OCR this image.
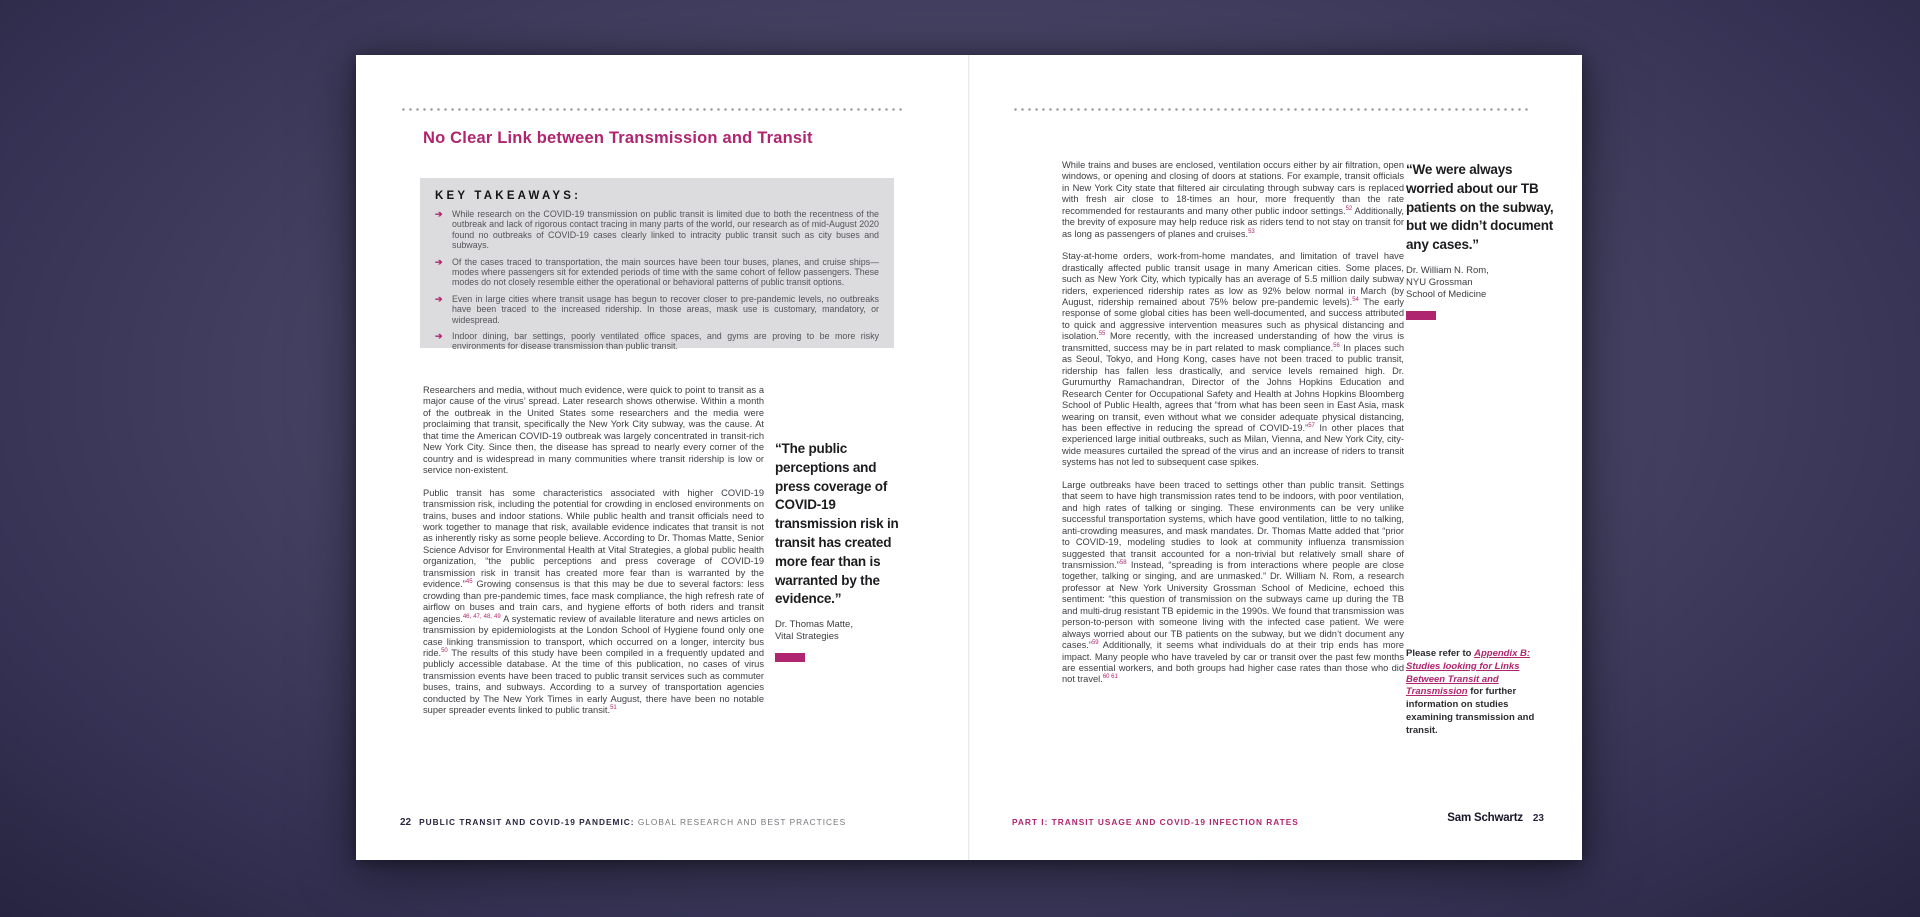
No Clear Link between Transmission and Transit
KEY TAKEAWAYS:
➔	While research on the COVID-19 transmission on public transit is limited due to both the recentness of the outbreak and lack of rigorous contact tracing in many parts of the world, our research as of mid-August 2020 found no outbreaks of COVID-19 cases clearly linked to intracity public transit such as city buses and subways.
➔	Of the cases traced to transportation, the main sources have been tour buses, planes, and cruise ships—modes where passengers sit for extended periods of time with the same cohort of fellow passengers. These modes do not closely resemble either the operational or behavioral patterns of public transit options.
➔	Even in large cities where transit usage has begun to recover closer to pre-pandemic levels, no outbreaks have been traced to the increased ridership. In those areas, mask use is customary, mandatory, or widespread.
➔	Indoor dining, bar settings, poorly ventilated office spaces, and gyms are proving to be more risky environments for disease transmission than public transit.

Researchers and media, without much evidence, were quick to point to transit as a major cause of the virus’ spread. Later research shows otherwise. Within a month of the outbreak in the United States some researchers and the media were proclaiming that transit, specifically the New York City subway, was the cause. At that time the American COVID-19 outbreak was largely concentrated in transit-rich New York City. Since then, the disease has spread to nearly every corner of the country and is widespread in many communities where transit ridership is low or service non-existent.

Public transit has some characteristics associated with higher COVID-19 transmission risk, including the potential for crowding in enclosed environments on trains, buses and indoor stations. While public health and transit officials need to work together to manage that risk, available evidence indicates that transit is not as inherently risky as some people believe. According to Dr. Thomas Matte, Senior Science Advisor for Environmental Health at Vital Strategies, a global public health organization, “the public perceptions and press coverage of COVID-19 transmission risk in transit has created more fear than is warranted by the evidence.”$^{45}$ Growing consensus is that this may be due to several factors: less crowding than pre-pandemic times, face mask compliance, the high refresh rate of airflow on buses and train cars, and hygiene efforts of both riders and transit agencies.$^{46, 47, 48, 49}$ A systematic review of available literature and news articles on transmission by epidemiologists at the London School of Hygiene found only one case linking transmission to transport, which occurred on a longer, intercity bus ride.$^{50}$ The results of this study have been compiled in a frequently updated and publicly accessible database. At the time of this publication, no cases of virus transmission events have been traced to public transit services such as commuter buses, trains, and subways. According to a survey of transportation agencies conducted by The New York Times in early August, there have been no notable super spreader events linked to public transit.$^{51}$

“The public perceptions and press coverage of COVID-19 transmission risk in transit has created more fear than is warranted by the evidence.”

Dr. Thomas Matte,
Vital Strategies

22 PUBLIC TRANSIT AND COVID-19 PANDEMIC: GLOBAL RESEARCH AND BEST PRACTICES

While trains and buses are enclosed, ventilation occurs either by air filtration, open windows, or opening and closing of doors at stations. For example, transit officials in New York City state that filtered air circulating through subway cars is replaced with fresh air close to 18-times an hour, more frequently than the rate recommended for restaurants and many other public indoor settings.$^{52}$ Additionally, the brevity of exposure may help reduce risk as riders tend to not stay on transit for as long as passengers of planes and cruises.$^{53}$

Stay-at-home orders, work-from-home mandates, and limitation of travel have drastically affected public transit usage in many American cities. Some places, such as New York City, which typically has an average of 5.5 million daily subway riders, experienced ridership rates as low as 92% below normal in March (by August, ridership remained about 75% below pre-pandemic levels).$^{54}$ The early response of some global cities has been well-documented, and success attributed to quick and aggressive intervention measures such as physical distancing and isolation.$^{55}$ More recently, with the increased understanding of how the virus is transmitted, success may be in part related to mask compliance.$^{56}$ In places such as Seoul, Tokyo, and Hong Kong, cases have not been traced to public transit, ridership has fallen less drastically, and service levels remained high. Dr. Gurumurthy Ramachandran, Director of the Johns Hopkins Education and Research Center for Occupational Safety and Health at Johns Hopkins Bloomberg School of Public Health, agrees that “from what has been seen in East Asia, mask wearing on transit, even without what we consider adequate physical distancing, has been effective in reducing the spread of COVID-19.”$^{57}$ In other places that experienced large initial outbreaks, such as Milan, Vienna, and New York City, city-wide measures curtailed the spread of the virus and an increase of riders to transit systems has not led to subsequent case spikes.

Large outbreaks have been traced to settings other than public transit. Settings that seem to have high transmission rates tend to be indoors, with poor ventilation, and high rates of talking or singing. These environments can be very unlike successful transportation systems, which have good ventilation, little to no talking, anti-crowding measures, and mask mandates. Dr. Thomas Matte added that “prior to COVID-19, modeling studies to look at community influenza transmission suggested that transit accounted for a non-trivial but relatively small share of transmission.”$^{58}$ Instead, “spreading is from interactions where people are close together, talking or singing, and are unmasked.” Dr. William N. Rom, a research professor at New York University Grossman School of Medicine, echoed this sentiment: “this question of transmission on the subways came up during the TB and multi-drug resistant TB epidemic in the 1990s. We found that transmission was person-to-person with someone living with the infected case patient. We were always worried about our TB patients on the subway, but we didn’t document any cases.”$^{59}$ Additionally, it seems what individuals do at their trip ends has more impact. Many people who have traveled by car or transit over the past few months are essential workers, and both groups had higher case rates than those who did not travel.$^{60 61}$

“We were always worried about our TB patients on the subway, but we didn’t document any cases.”

Dr. William N. Rom,
NYU Grossman
School of Medicine

Please refer to Appendix B: Studies looking for Links Between Transit and Transmission for further information on studies examining transmission and transit.
PART I: TRANSIT USAGE AND COVID-19 INFECTION RATES	Sam Schwartz 23
